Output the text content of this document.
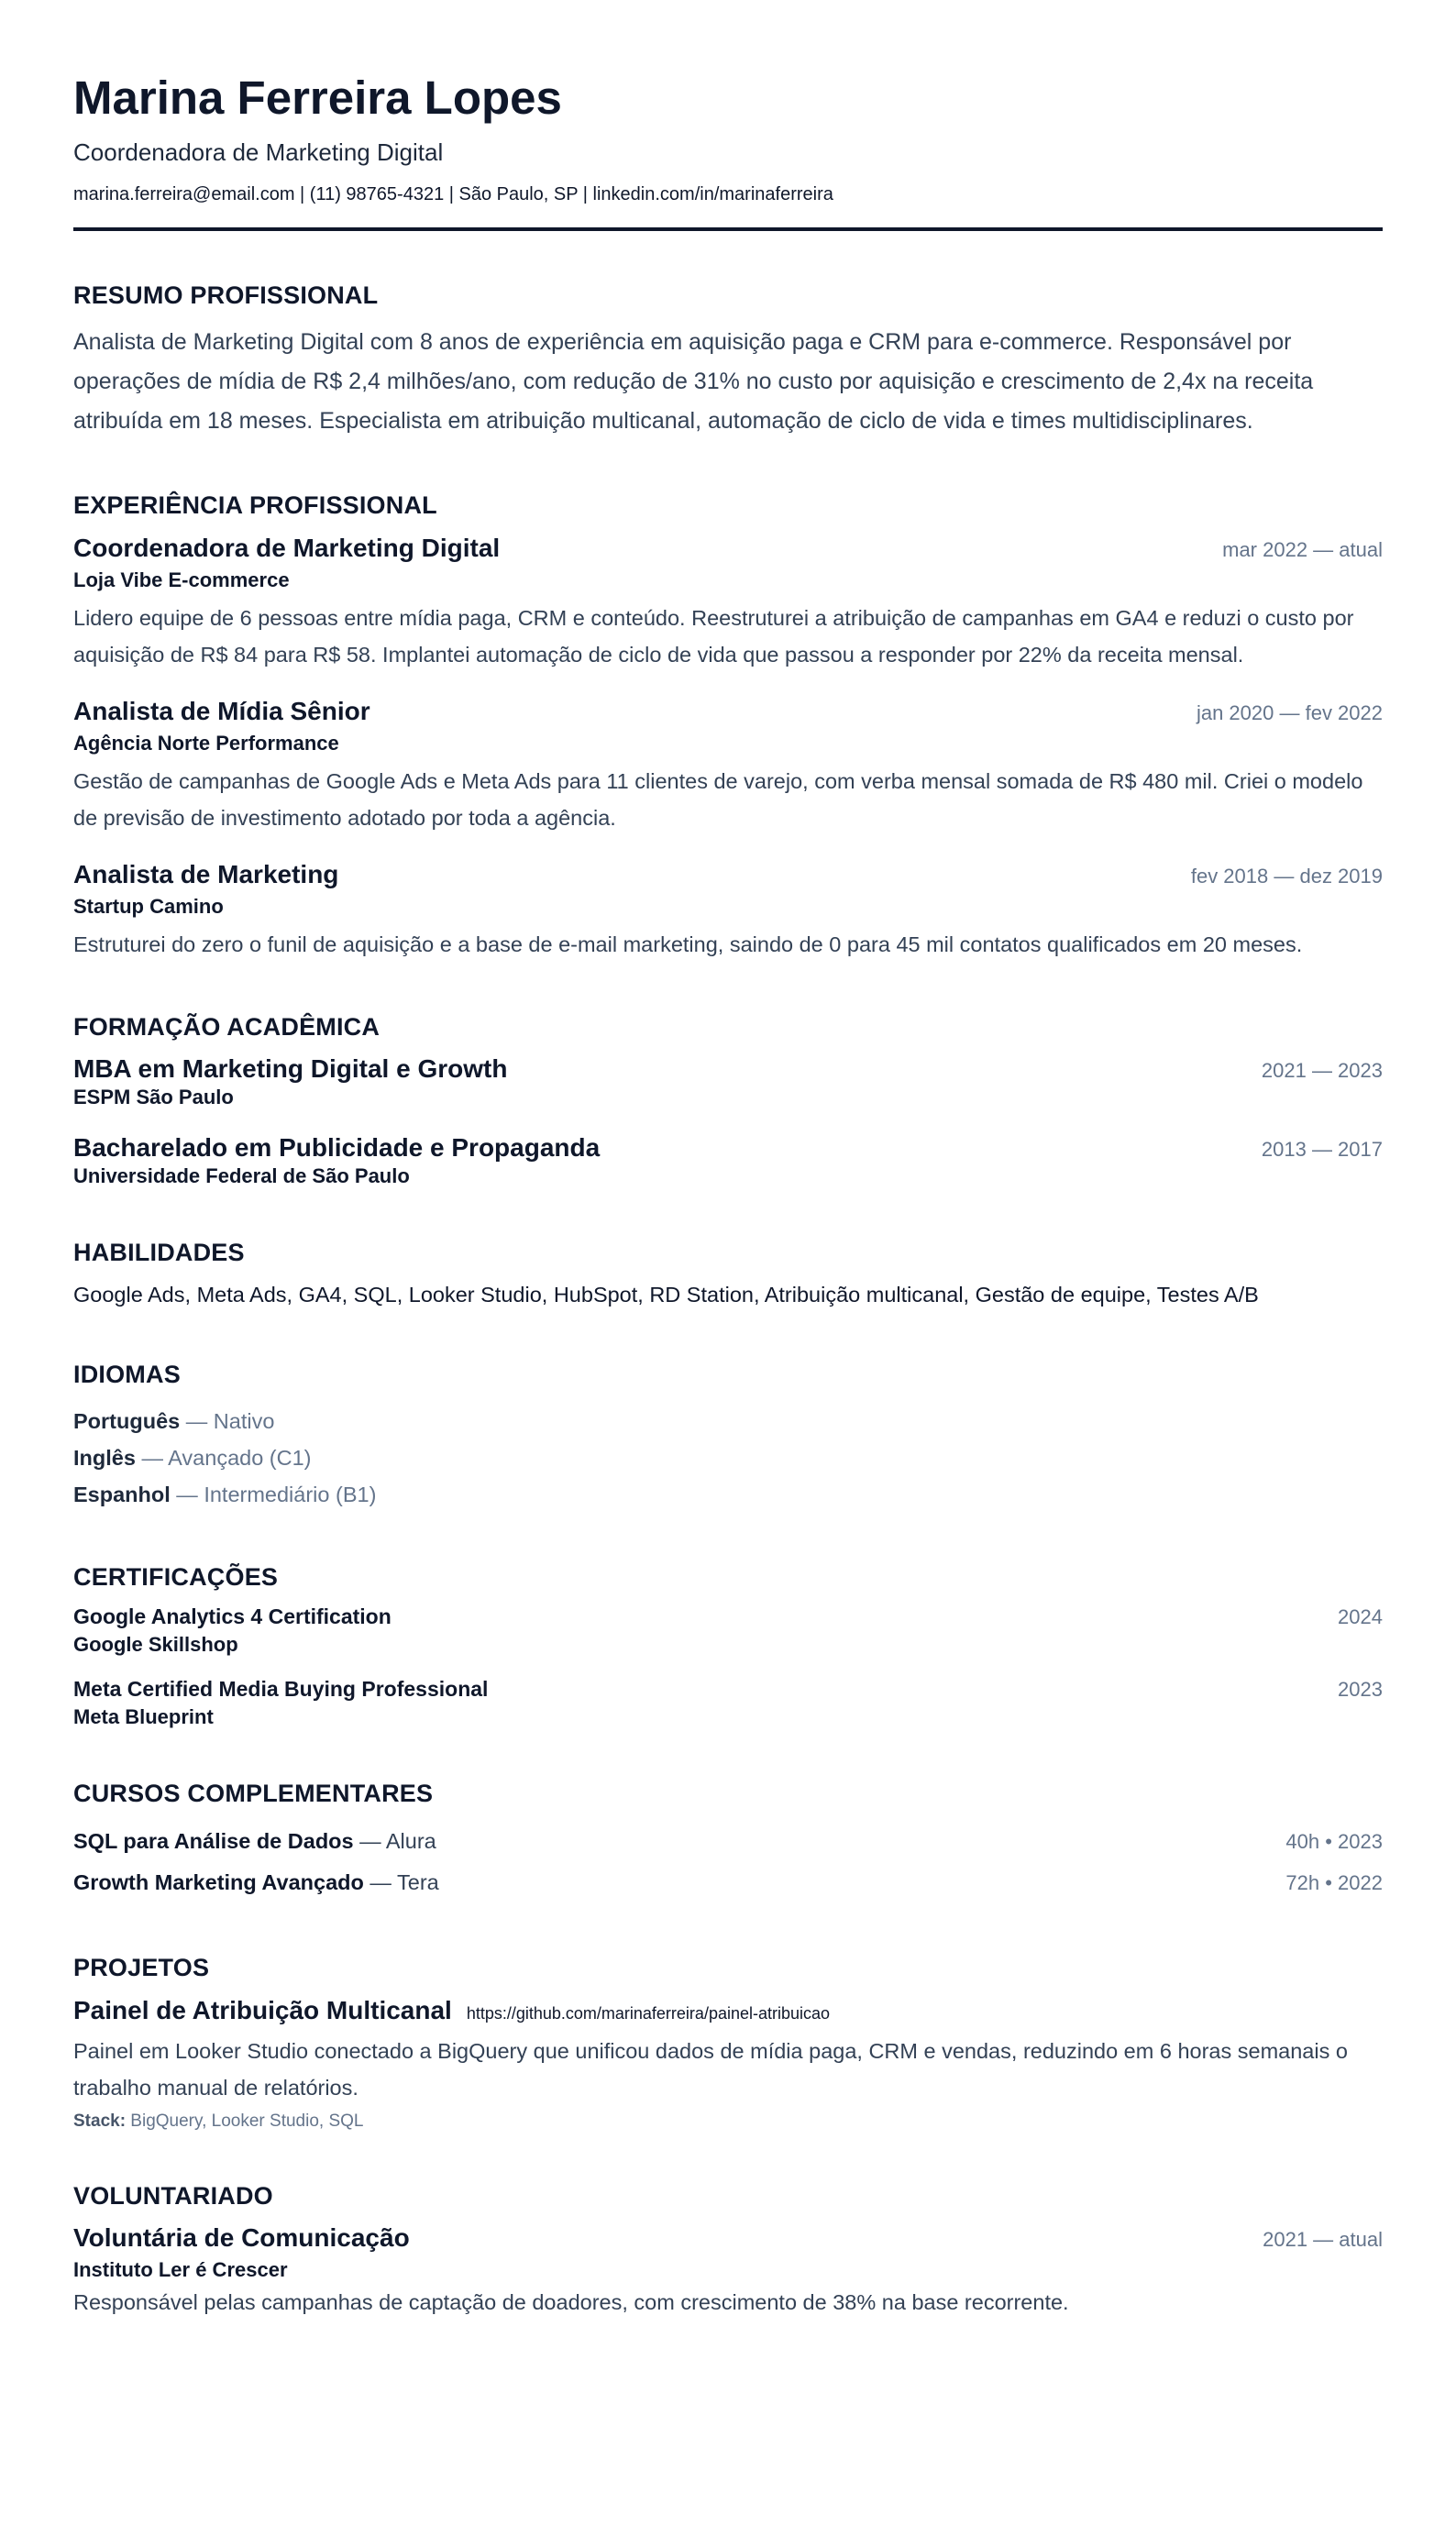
Marina Ferreira Lopes
Coordenadora de Marketing Digital
marina.ferreira@email.com | (11) 98765-4321 | São Paulo, SP | linkedin.com/in/marinaferreira
RESUMO PROFISSIONAL

Analista de Marketing Digital com 8 anos de experiência em aquisição paga e CRM para e-commerce. Responsável por operações de mídia de R$ 2,4 milhões/ano, com redução de 31% no custo por aquisição e crescimento de 2,4x na receita atribuída em 18 meses. Especialista em atribuição multicanal, automação de ciclo de vida e times multidisciplinares.

EXPERIÊNCIA PROFISSIONAL
Coordenadora de Marketing Digital	mar 2022 — atual
Loja Vibe E-commerce
Lidero equipe de 6 pessoas entre mídia paga, CRM e conteúdo. Reestruturei a atribuição de campanhas em GA4 e reduzi o custo por aquisição de R$ 84 para R$ 58. Implantei automação de ciclo de vida que passou a responder por 22% da receita mensal.
Analista de Mídia Sênior	jan 2020 — fev 2022
Agência Norte Performance
Gestão de campanhas de Google Ads e Meta Ads para 11 clientes de varejo, com verba mensal somada de R$ 480 mil. Criei o modelo de previsão de investimento adotado por toda a agência.
Analista de Marketing	fev 2018 — dez 2019
Startup Camino
Estruturei do zero o funil de aquisição e a base de e-mail marketing, saindo de 0 para 45 mil contatos qualificados em 20 meses.
FORMAÇÃO ACADÊMICA
MBA em Marketing Digital e Growth	2021 — 2023
ESPM São Paulo
Bacharelado em Publicidade e Propaganda	2013 — 2017
Universidade Federal de São Paulo
HABILIDADES
Google Ads, Meta Ads, GA4, SQL, Looker Studio, HubSpot, RD Station, Atribuição multicanal, Gestão de equipe, Testes A/B
IDIOMAS
Português — Nativo
Inglês — Avançado (C1)
Espanhol — Intermediário (B1)
CERTIFICAÇÕES
Google Analytics 4 Certification	2024
Google Skillshop
Meta Certified Media Buying Professional	2023
Meta Blueprint
CURSOS COMPLEMENTARES
SQL para Análise de Dados — Alura	40h • 2023
Growth Marketing Avançado — Tera	72h • 2022
PROJETOS
Painel de Atribuição Multicanal https://github.com/marinaferreira/painel-atribuicao
Painel em Looker Studio conectado a BigQuery que unificou dados de mídia paga, CRM e vendas, reduzindo em 6 horas semanais o trabalho manual de relatórios.
Stack: BigQuery, Looker Studio, SQL
VOLUNTARIADO
Voluntária de Comunicação	2021 — atual
Instituto Ler é Crescer
Responsável pelas campanhas de captação de doadores, com crescimento de 38% na base recorrente.
